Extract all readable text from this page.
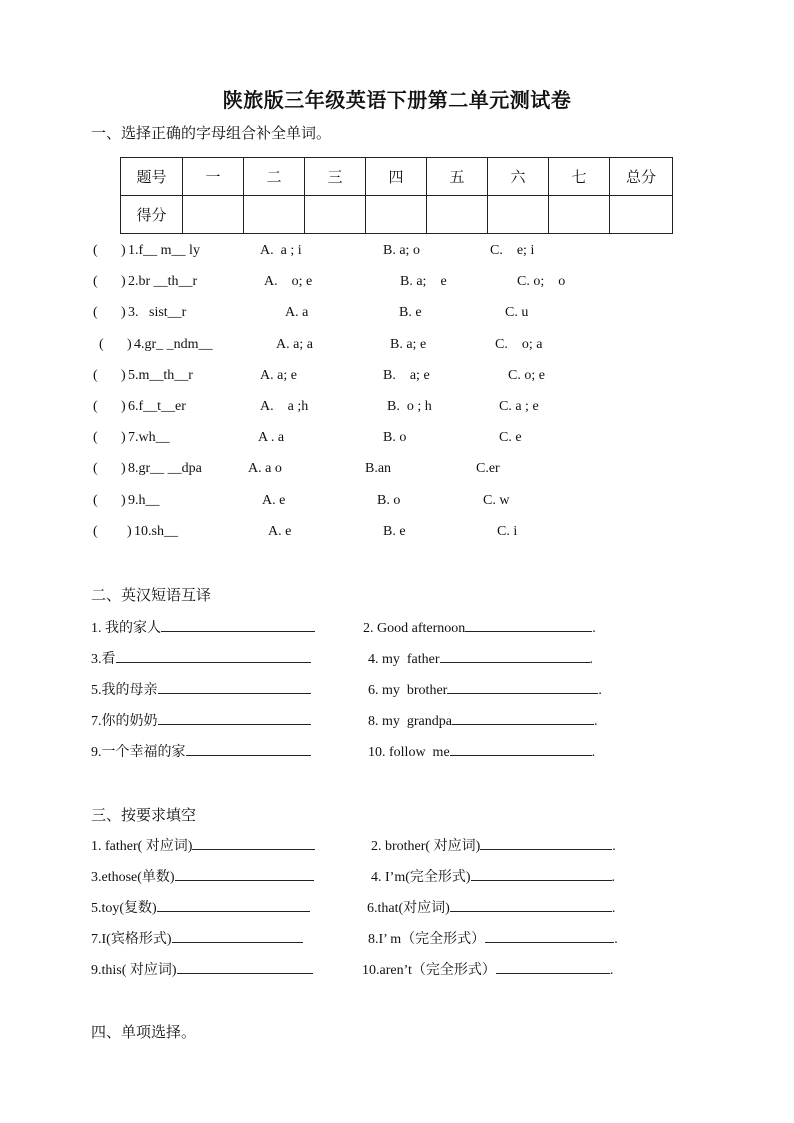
陕旅版三年级英语下册第二单元测试卷
一、选择正确的字母组合补全单词。
题号	一	二	三	四	五	六	七	总分
得分								
( ) 1.f__ m__ ly	A.  a ; i	B. a; o	C.    e; i
( ) 2.br __th__r	A.    o; e	B. a;    e	C. o;    o
( ) 3.   sist__r	A. a	B. e	C. u
( ) 4.gr_ _ndm__	A. a; a	B. a; e	C.    o; a
( ) 5.m__th__r	A. a; e	B.    a; e	C. o; e
( ) 6.f__t__er	A.    a ;h	B.  o ; h	C. a ; e
( ) 7.wh__	A . a	B. o	C. e
( ) 8.gr__ __dpa	A. a o	B.an	C.er
( ) 9.h__	A. e	B. o	C. w
( ) 10.sh__	A. e	B. e	C. i
二、英汉短语互译
1. 我的家人	2. Good afternoon	.
3.看	4. my  father	.
5.我的母亲	6. my  brother	.
7.你的奶奶	8. my  grandpa	.
9.一个幸福的家	10. follow  me	.
三、按要求填空
1. father( 对应词)	2. brother( 对应词)	.
3.ethose(单数)	4. I’m(完全形式)	.
5.toy(复数)	6.that(对应词)	.
7.I(宾格形式)	8.I’ m（完全形式）	.
9.this( 对应词)	10.aren’t（完全形式）	.
四、单项选择。
